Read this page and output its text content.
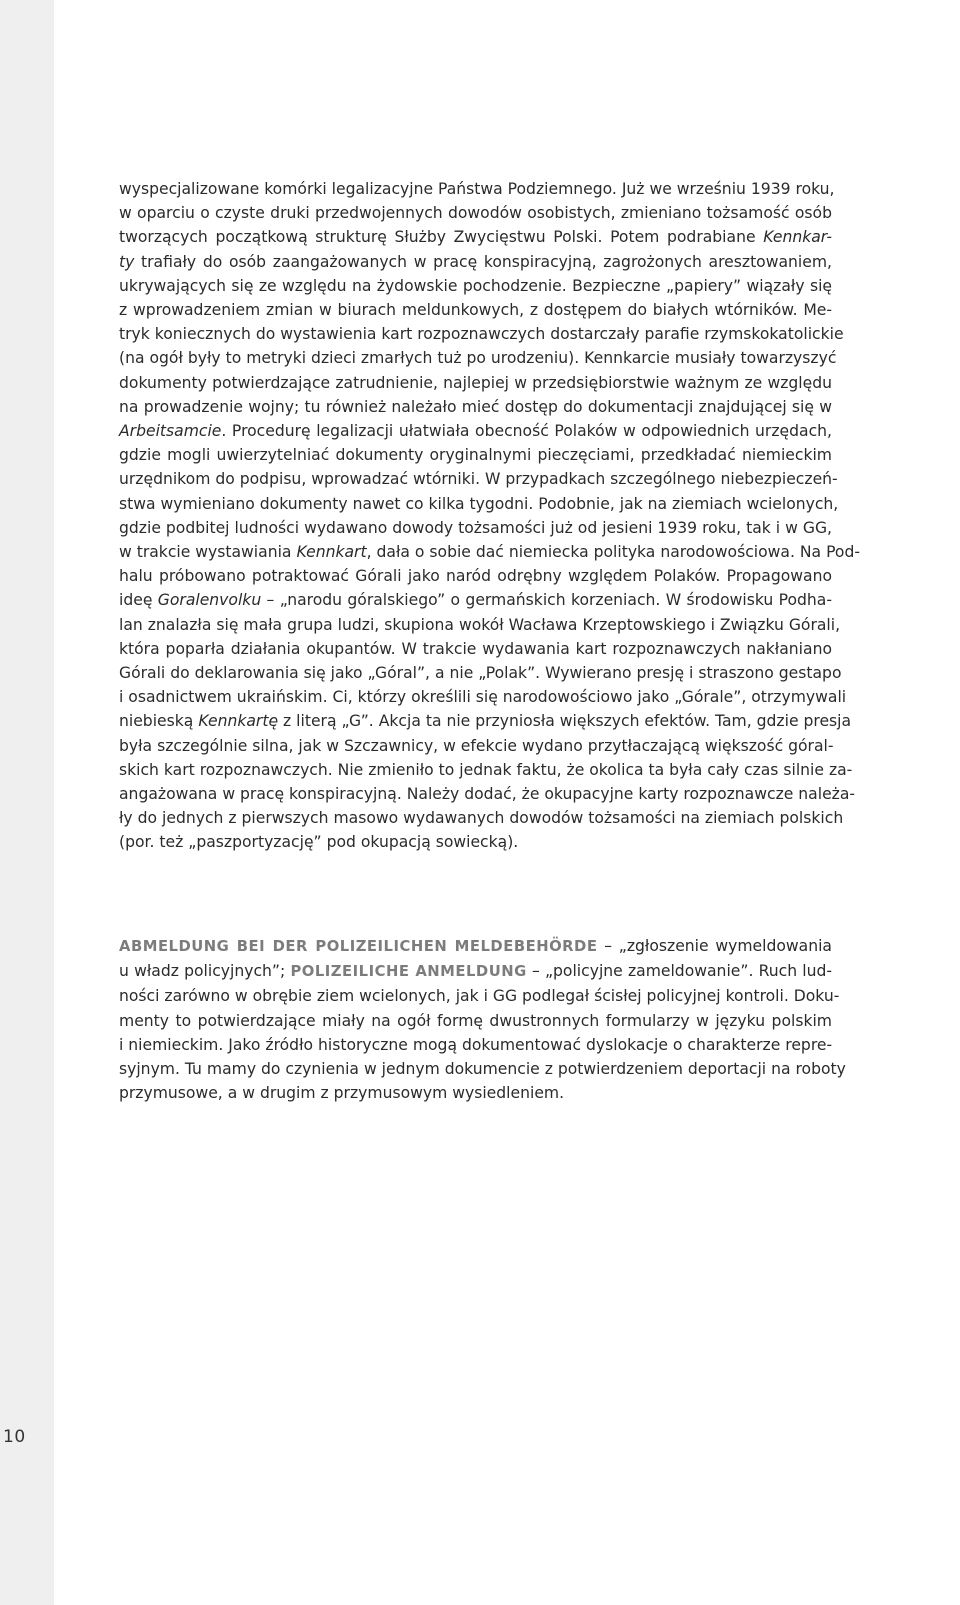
10
wyspecjalizowane komórki legalizacyjne Państwa Podziemnego. Już we wrześniu 1939 roku,
w oparciu o czyste druki przedwojennych dowodów osobistych, zmieniano tożsamość osób
tworzących początkową strukturę Służby Zwycięstwu Polski. Potem podrabiane Kennkar-
ty trafiały do osób zaangażowanych w pracę konspiracyjną, zagrożonych aresztowaniem,
ukrywających się ze względu na żydowskie pochodzenie. Bezpieczne „papiery” wiązały się
z wprowadzeniem zmian w biurach meldunkowych, z dostępem do białych wtórników. Me-
tryk koniecznych do wystawienia kart rozpoznawczych dostarczały parafie rzymskokatolickie
(na ogół były to metryki dzieci zmarłych tuż po urodzeniu). Kennkarcie musiały towarzyszyć
dokumenty potwierdzające zatrudnienie, najlepiej w przedsiębiorstwie ważnym ze względu
na prowadzenie wojny; tu również należało mieć dostęp do dokumentacji znajdującej się w
Arbeitsamcie. Procedurę legalizacji ułatwiała obecność Polaków w odpowiednich urzędach,
gdzie mogli uwierzytelniać dokumenty oryginalnymi pieczęciami, przedkładać niemieckim
urzędnikom do podpisu, wprowadzać wtórniki. W przypadkach szczególnego niebezpieczeń-
stwa wymieniano dokumenty nawet co kilka tygodni. Podobnie, jak na ziemiach wcielonych,
gdzie podbitej ludności wydawano dowody tożsamości już od jesieni 1939 roku, tak i w GG,
w trakcie wystawiania Kennkart, dała o sobie dać niemiecka polityka narodowościowa. Na Pod-
halu próbowano potraktować Górali jako naród odrębny względem Polaków. Propagowano
ideę Goralenvolku – „narodu góralskiego” o germańskich korzeniach. W środowisku Podha-
lan znalazła się mała grupa ludzi, skupiona wokół Wacława Krzeptowskiego i Związku Górali,
która poparła działania okupantów. W trakcie wydawania kart rozpoznawczych nakłaniano
Górali do deklarowania się jako „Góral”, a nie „Polak”. Wywierano presję i straszono gestapo
i osadnictwem ukraińskim. Ci, którzy określili się narodowościowo jako „Górale”, otrzymywali
niebieską Kennkartę z literą „G”. Akcja ta nie przyniosła większych efektów. Tam, gdzie presja
była szczególnie silna, jak w Szczawnicy, w efekcie wydano przytłaczającą większość góral-
skich kart rozpoznawczych. Nie zmieniło to jednak faktu, że okolica ta była cały czas silnie za-
angażowana w pracę konspiracyjną. Należy dodać, że okupacyjne karty rozpoznawcze należa-
ły do jednych z pierwszych masowo wydawanych dowodów tożsamości na ziemiach polskich
(por. też „paszportyzację” pod okupacją sowiecką).
ABMELDUNG BEI DER POLIZEILICHEN MELDEBEHÖRDE – „zgłoszenie wymeldowania
u władz policyjnych”; POLIZEILICHE ANMELDUNG – „policyjne zameldowanie”. Ruch lud-
ności zarówno w obrębie ziem wcielonych, jak i GG podlegał ścisłej policyjnej kontroli. Doku-
menty to potwierdzające miały na ogół formę dwustronnych formularzy w języku polskim
i niemieckim. Jako źródło historyczne mogą dokumentować dyslokacje o charakterze repre-
syjnym. Tu mamy do czynienia w jednym dokumencie z potwierdzeniem deportacji na roboty
przymusowe, a w drugim z przymusowym wysiedleniem.
